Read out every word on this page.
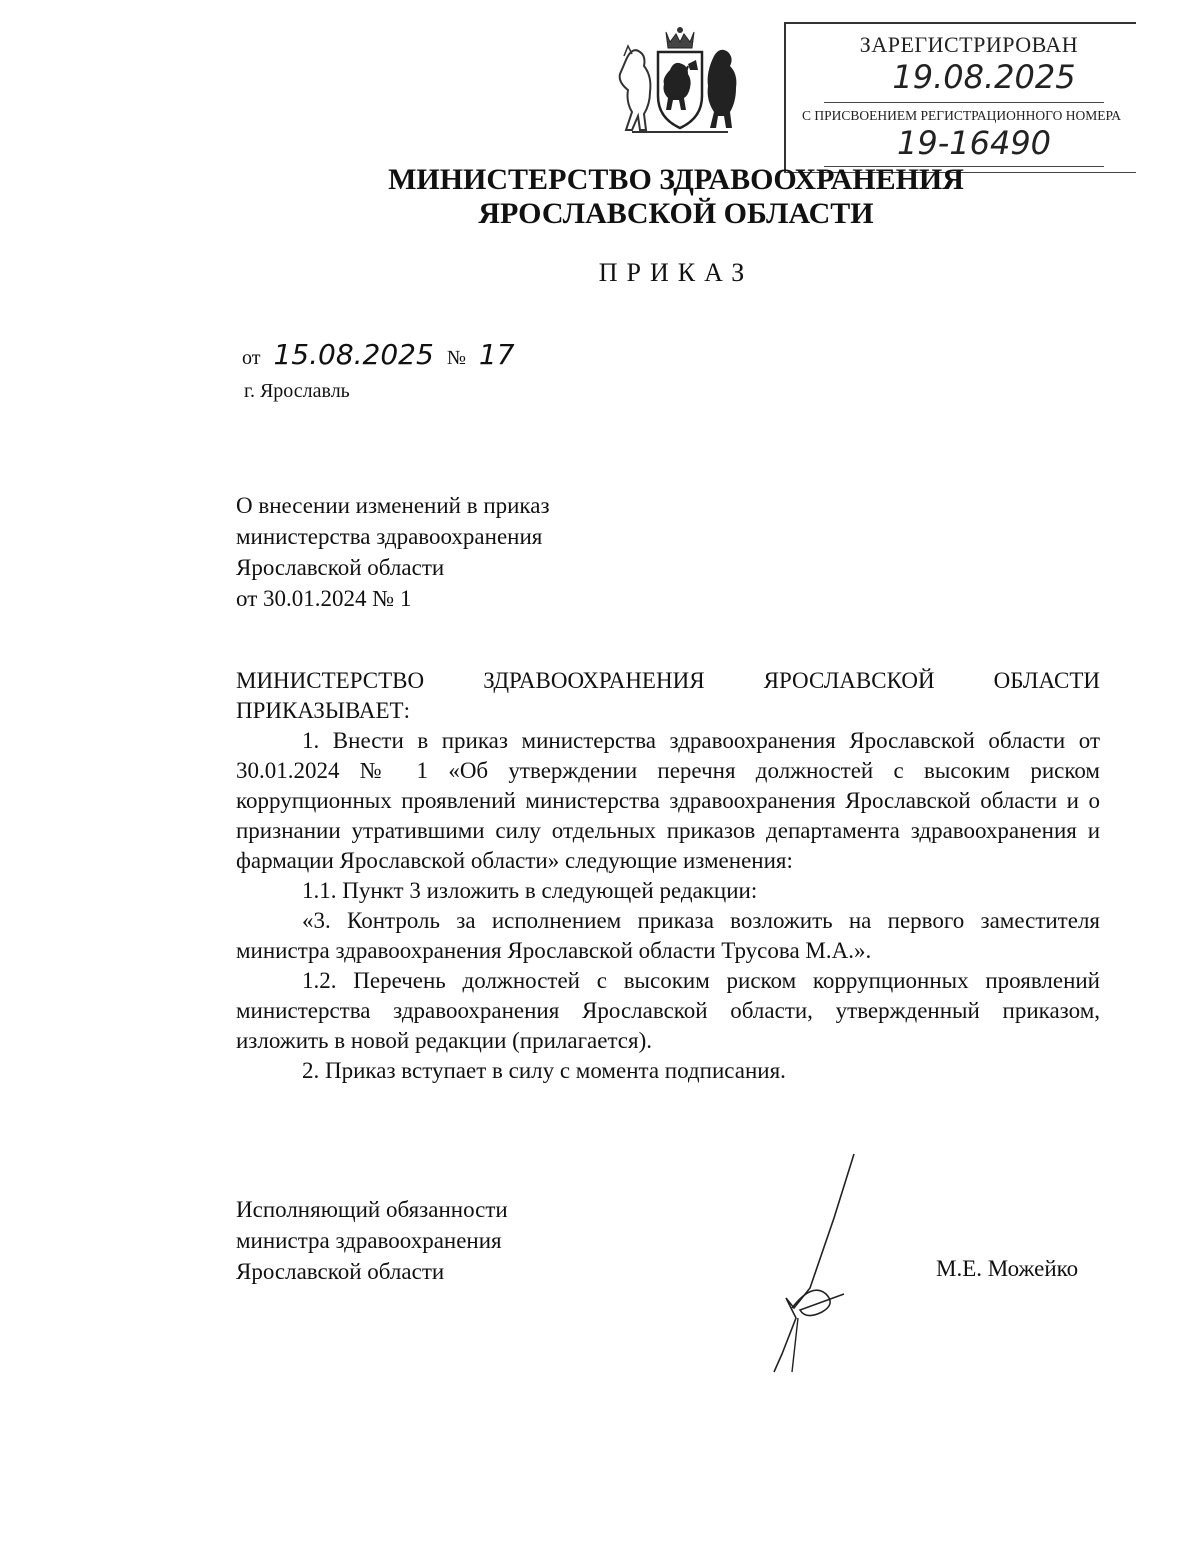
ЗАРЕГИСТРИРОВАН
19.08.2025
С ПРИСВОЕНИЕМ РЕГИСТРАЦИОННОГО НОМЕРА
19-16490
МИНИСТЕРСТВО ЗДРАВООХРАНЕНИЯ
ЯРОСЛАВСКОЙ ОБЛАСТИ
ПРИКАЗ
от 15.08.2025 № 17
г. Ярославль
О внесении изменений в приказ
министерства здравоохранения
Ярославской области
от 30.01.2024 № 1

МИНИСТЕРСТВО ЗДРАВООХРАНЕНИЯ ЯРОСЛАВСКОЙ ОБЛАСТИ ПРИКАЗЫВАЕТ:

1. Внести в приказ министерства здравоохранения Ярославской области от 30.01.2024 № 1 «Об утверждении перечня должностей с высоким риском коррупционных проявлений министерства здравоохранения Ярославской области и о признании утратившими силу отдельных приказов департамента здравоохранения и фармации Ярославской области» следующие изменения:

1.1. Пункт 3 изложить в следующей редакции:

«3. Контроль за исполнением приказа возложить на первого заместителя министра здравоохранения Ярославской области Трусова М.А.».

1.2. Перечень должностей с высоким риском коррупционных проявлений министерства здравоохранения Ярославской области, утвержденный приказом, изложить в новой редакции (прилагается).

2. Приказ вступает в силу с момента подписания.

Исполняющий обязанности
министра здравоохранения
Ярославской области	М.Е. Можейко
